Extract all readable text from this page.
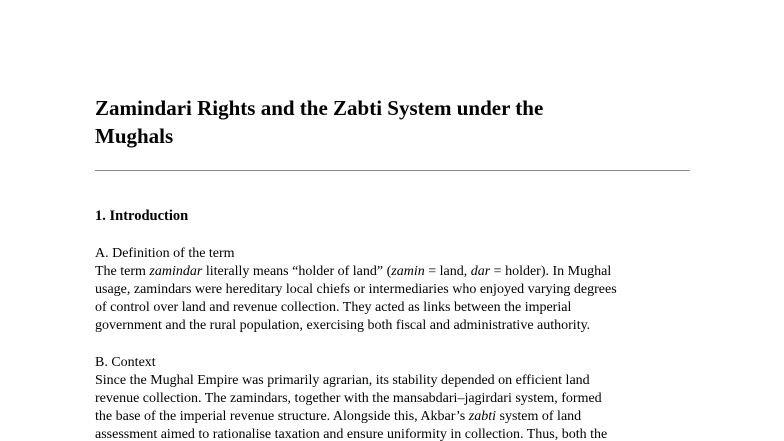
Zamindari Rights and the Zabti System under the
Mughals
1. Introduction
A. Definition of the term
The term zamindar literally means “holder of land” (zamin = land, dar = holder). In Mughal
usage, zamindars were hereditary local chiefs or intermediaries who enjoyed varying degrees
of control over land and revenue collection. They acted as links between the imperial
government and the rural population, exercising both fiscal and administrative authority.
B. Context
Since the Mughal Empire was primarily agrarian, its stability depended on efficient land
revenue collection. The zamindars, together with the mansabdari–jagirdari system, formed
the base of the imperial revenue structure. Alongside this, Akbar’s zabti system of land
assessment aimed to rationalise taxation and ensure uniformity in collection. Thus, both the
